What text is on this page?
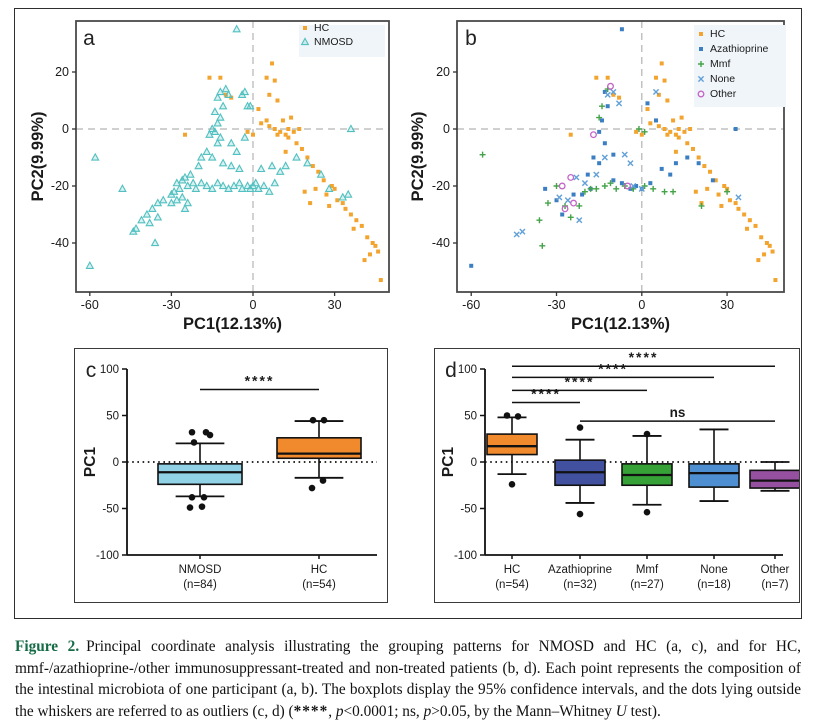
-60	-30	0	30
20
0
-20
-40
PC1(12.13%)
PC2(9.99%)
HC
NMOSD
a
-60	-30	0	30
20
0
-20
-40
PC1(12.13%)
PC2(9.99%)
HC
Azathioprine
Mmf
None
Other
b
100
50
0
-50
-100
****
NMOSD
(n=84)
HC
(n=54)
PC1
c	100
50
0
-50
-100
****
****
****
****
ns
HC
(n=54)
Azathioprine
(n=32)
Mmf
(n=27)
None
(n=18)
Other
(n=7)
PC1
d

Figure 2. Principal coordinate analysis illustrating the grouping patterns for NMOSD and HC (a, c), and for HC, mmf-/azathioprine-/other immunosuppressant-treated and non-treated patients (b, d). Each point represents the composition of the intestinal microbiota of one participant (a, b). The boxplots display the 95% confidence intervals, and the dots lying outside the whiskers are referred to as outliers (c, d) (****, p<0.0001; ns, p>0.05, by the Mann–Whitney U test).
